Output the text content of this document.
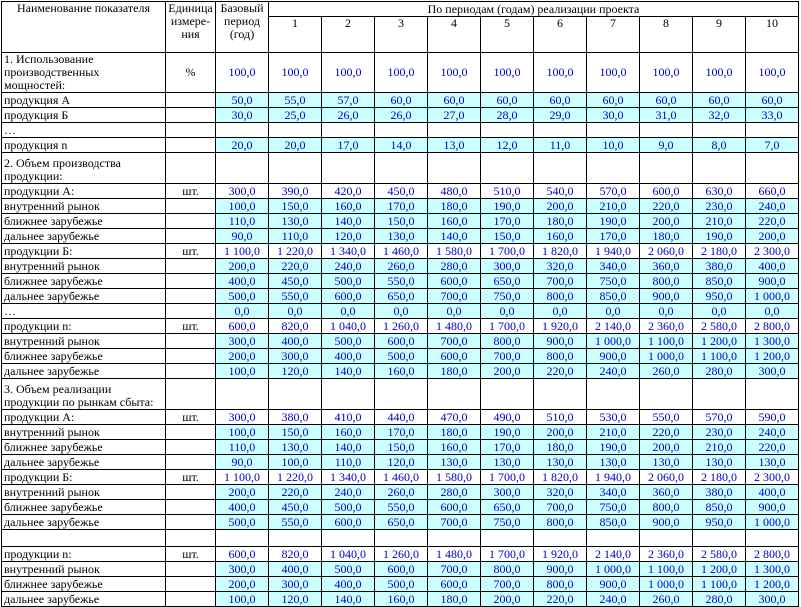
Наименование показателя	Единица измере-ния	Базовый период (год)	По периодам (годам) реализации проекта									
			1	2	3	4	5	6	7	8	9	10
1. Использование производственных мощностей:	%	100,0	100,0	100,0	100,0	100,0	100,0	100,0	100,0	100,0	100,0	100,0
продукция А		50,0	55,0	57,0	60,0	60,0	60,0	60,0	60,0	60,0	60,0	60,0
продукция Б		30,0	25,0	26,0	26,0	27,0	28,0	29,0	30,0	31,0	32,0	33,0
…												
продукция n		20,0	20,0	17,0	14,0	13,0	12,0	11,0	10,0	9,0	8,0	7,0
2. Объем производства продукции:												
продукции А:	шт.	300,0	390,0	420,0	450,0	480,0	510,0	540,0	570,0	600,0	630,0	660,0
внутренний рынок		100,0	150,0	160,0	170,0	180,0	190,0	200,0	210,0	220,0	230,0	240,0
ближнее зарубежье		110,0	130,0	140,0	150,0	160,0	170,0	180,0	190,0	200,0	210,0	220,0
дальнее зарубежье		90,0	110,0	120,0	130,0	140,0	150,0	160,0	170,0	180,0	190,0	200,0
продукции Б:	шт.	1 100,0	1 220,0	1 340,0	1 460,0	1 580,0	1 700,0	1 820,0	1 940,0	2 060,0	2 180,0	2 300,0
внутренний рынок		200,0	220,0	240,0	260,0	280,0	300,0	320,0	340,0	360,0	380,0	400,0
ближнее зарубежье		400,0	450,0	500,0	550,0	600,0	650,0	700,0	750,0	800,0	850,0	900,0
дальнее зарубежье		500,0	550,0	600,0	650,0	700,0	750,0	800,0	850,0	900,0	950,0	1 000,0
…		0,0	0,0	0,0	0,0	0,0	0,0	0,0	0,0	0,0	0,0	0,0
продукции n:	шт.	600,0	820,0	1 040,0	1 260,0	1 480,0	1 700,0	1 920,0	2 140,0	2 360,0	2 580,0	2 800,0
внутренний рынок		300,0	400,0	500,0	600,0	700,0	800,0	900,0	1 000,0	1 100,0	1 200,0	1 300,0
ближнее зарубежье		200,0	300,0	400,0	500,0	600,0	700,0	800,0	900,0	1 000,0	1 100,0	1 200,0
дальнее зарубежье		100,0	120,0	140,0	160,0	180,0	200,0	220,0	240,0	260,0	280,0	300,0
3. Объем реализации продукции по рынкам сбыта:												
продукции А:	шт.	300,0	380,0	410,0	440,0	470,0	490,0	510,0	530,0	550,0	570,0	590,0
внутренний рынок		100,0	150,0	160,0	170,0	180,0	190,0	200,0	210,0	220,0	230,0	240,0
ближнее зарубежье		110,0	130,0	140,0	150,0	160,0	170,0	180,0	190,0	200,0	210,0	220,0
дальнее зарубежье		90,0	100,0	110,0	120,0	130,0	130,0	130,0	130,0	130,0	130,0	130,0
продукции Б:	шт.	1 100,0	1 220,0	1 340,0	1 460,0	1 580,0	1 700,0	1 820,0	1 940,0	2 060,0	2 180,0	2 300,0
внутренний рынок		200,0	220,0	240,0	260,0	280,0	300,0	320,0	340,0	360,0	380,0	400,0
ближнее зарубежье		400,0	450,0	500,0	550,0	600,0	650,0	700,0	750,0	800,0	850,0	900,0
дальнее зарубежье		500,0	550,0	600,0	650,0	700,0	750,0	800,0	850,0	900,0	950,0	1 000,0

продукции n:	шт.	600,0	820,0	1 040,0	1 260,0	1 480,0	1 700,0	1 920,0	2 140,0	2 360,0	2 580,0	2 800,0
внутренний рынок		300,0	400,0	500,0	600,0	700,0	800,0	900,0	1 000,0	1 100,0	1 200,0	1 300,0
ближнее зарубежье		200,0	300,0	400,0	500,0	600,0	700,0	800,0	900,0	1 000,0	1 100,0	1 200,0
дальнее зарубежье		100,0	120,0	140,0	160,0	180,0	200,0	220,0	240,0	260,0	280,0	300,0
